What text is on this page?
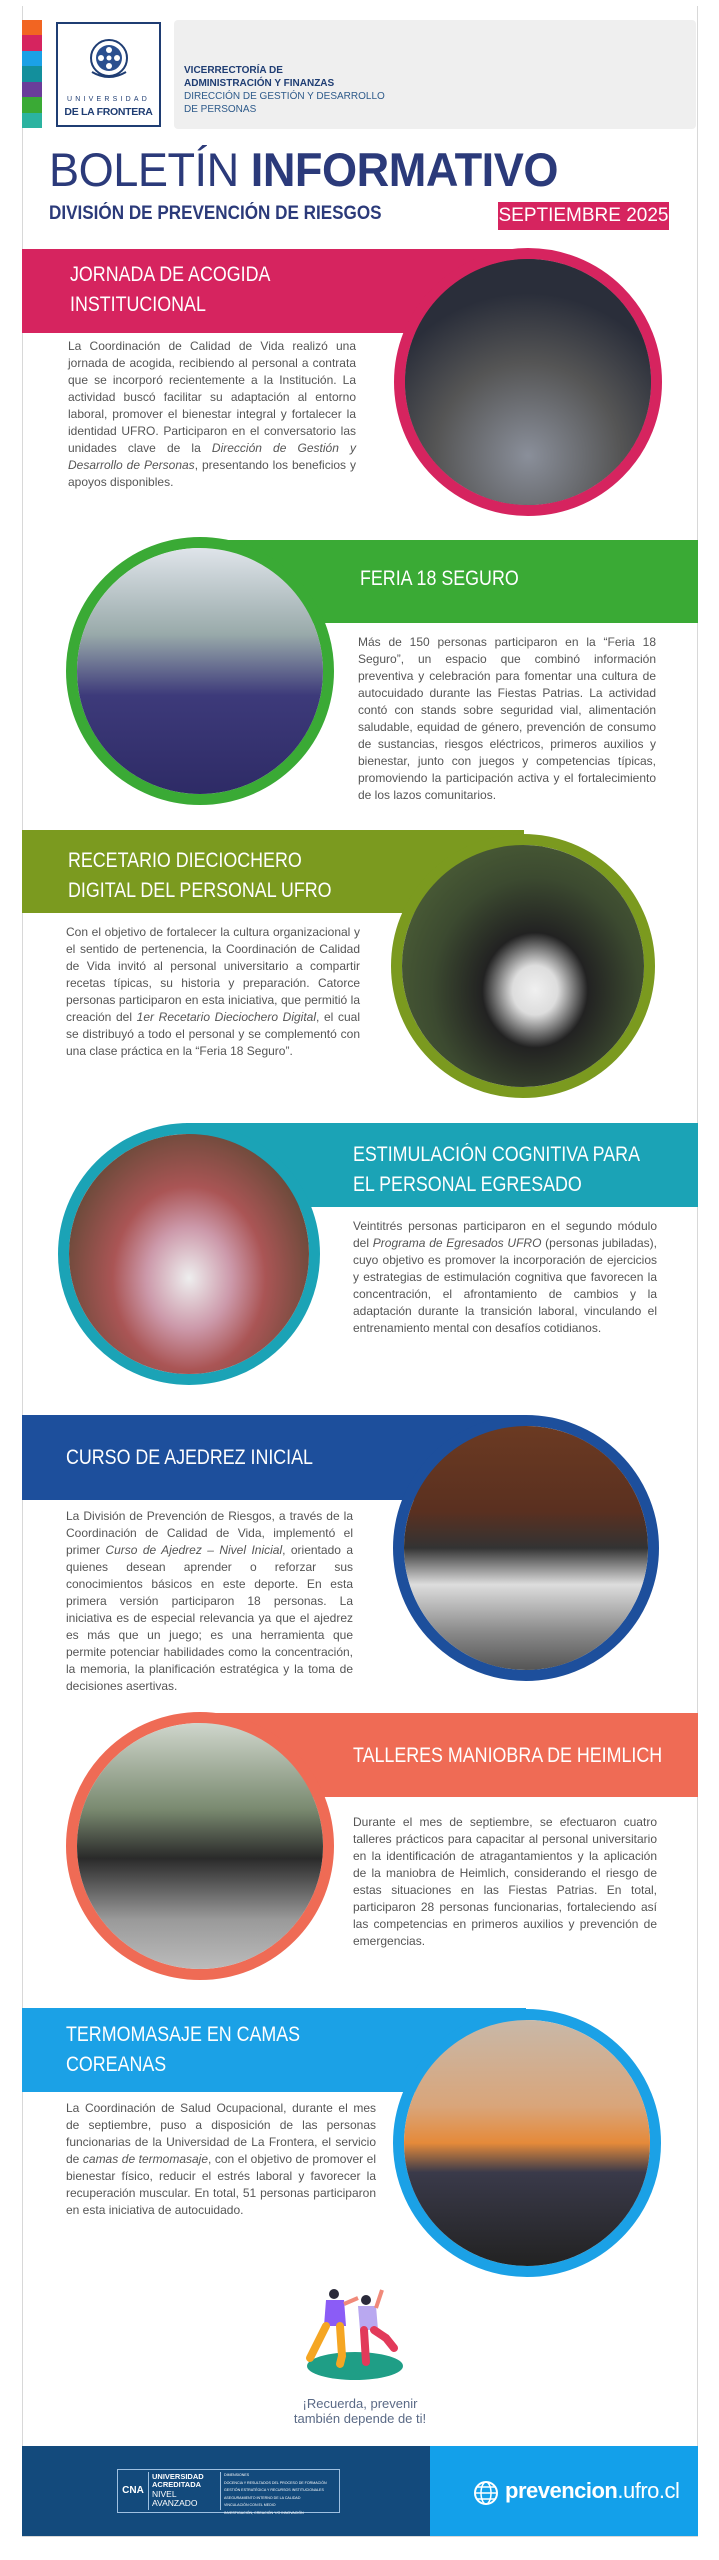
UNIVERSIDAD
DE LA FRONTERA
VICERRECTORÍA DE
ADMINISTRACIÓN Y FINANZAS
DIRECCIÓN DE GESTIÓN Y DESARROLLO
DE PERSONAS
BOLETÍN INFORMATIVO
DIVISIÓN DE PREVENCIÓN DE RIESGOS	SEPTIEMBRE 2025
JORNADA DE ACOGIDA
INSTITUCIONAL

La Coordinación de Calidad de Vida realizó una jornada de acogida, recibiendo al personal a contrata que se incorporó recientemente a la Institución. La actividad buscó facilitar su adaptación al entorno laboral, promover el bienestar integral y fortalecer la identidad UFRO. Participaron en el conversatorio las unidades clave de la Dirección de Gestión y Desarrollo de Personas, presentando los beneficios y apoyos disponibles.

FERIA 18 SEGURO

Más de 150 personas participaron en la “Feria 18 Seguro”, un espacio que combinó información preventiva y celebración para fomentar una cultura de autocuidado durante las Fiestas Patrias. La actividad contó con stands sobre seguridad vial, alimentación saludable, equidad de género, prevención de consumo de sustancias, riesgos eléctricos, primeros auxilios y bienestar, junto con juegos y competencias típicas, promoviendo la participación activa y el fortalecimiento de los lazos comunitarios.

RECETARIO DIECIOCHERO
DIGITAL DEL PERSONAL UFRO

Con el objetivo de fortalecer la cultura organizacional y el sentido de pertenencia, la Coordinación de Calidad de Vida invitó al personal universitario a compartir recetas típicas, su historia y preparación. Catorce personas participaron en esta iniciativa, que permitió la creación del 1er Recetario Dieciochero Digital, el cual se distribuyó a todo el personal y se complementó con una clase práctica en la “Feria 18 Seguro”.

ESTIMULACIÓN COGNITIVA PARA
EL PERSONAL EGRESADO

Veintitrés personas participaron en el segundo módulo del Programa de Egresados UFRO (personas jubiladas), cuyo objetivo es promover la incorporación de ejercicios y estrategias de estimulación cognitiva que favorecen la concentración, el afrontamiento de cambios y la adaptación durante la transición laboral, vinculando el entrenamiento mental con desafíos cotidianos.

CURSO DE AJEDREZ INICIAL

La División de Prevención de Riesgos, a través de la Coordinación de Calidad de Vida, implementó el primer Curso de Ajedrez – Nivel Inicial, orientado a quienes desean aprender o reforzar sus conocimientos básicos en este deporte. En esta primera versión participaron 18 personas. La iniciativa es de especial relevancia ya que el ajedrez es más que un juego; es una herramienta que permite potenciar habilidades como la concentración, la memoria, la planificación estratégica y la toma de decisiones asertivas.

TALLERES MANIOBRA DE HEIMLICH

Durante el mes de septiembre, se efectuaron cuatro talleres prácticos para capacitar al personal universitario en la identificación de atragantamientos y la aplicación de la maniobra de Heimlich, considerando el riesgo de estas situaciones en las Fiestas Patrias. En total, participaron 28 personas funcionarias, fortaleciendo así las competencias en primeros auxilios y prevención de emergencias.

TERMOMASAJE EN CAMAS
COREANAS

La Coordinación de Salud Ocupacional, durante el mes de septiembre, puso a disposición de las personas funcionarias de la Universidad de La Frontera, el servicio de camas de termomasaje, con el objetivo de promover el bienestar físico, reducir el estrés laboral y favorecer la recuperación muscular. En total, 51 personas participaron en esta iniciativa de autocuidado.

¡Recuerda, prevenir
también depende de ti!
CNA
UNIVERSIDAD
ACREDITADA
NIVEL
AVANZADO
DIMENSIONES
DOCENCIA Y RESULTADOS DEL PROCESO DE FORMACIÓN
GESTIÓN ESTRATÉGICA Y RECURSOS INSTITUCIONALES
ASEGURAMIENTO INTERNO DE LA CALIDAD
VINCULACIÓN CON EL MEDIO
INVESTIGACIÓN, CREACIÓN Y/O INNOVACIÓN
prevencion.ufro.cl
